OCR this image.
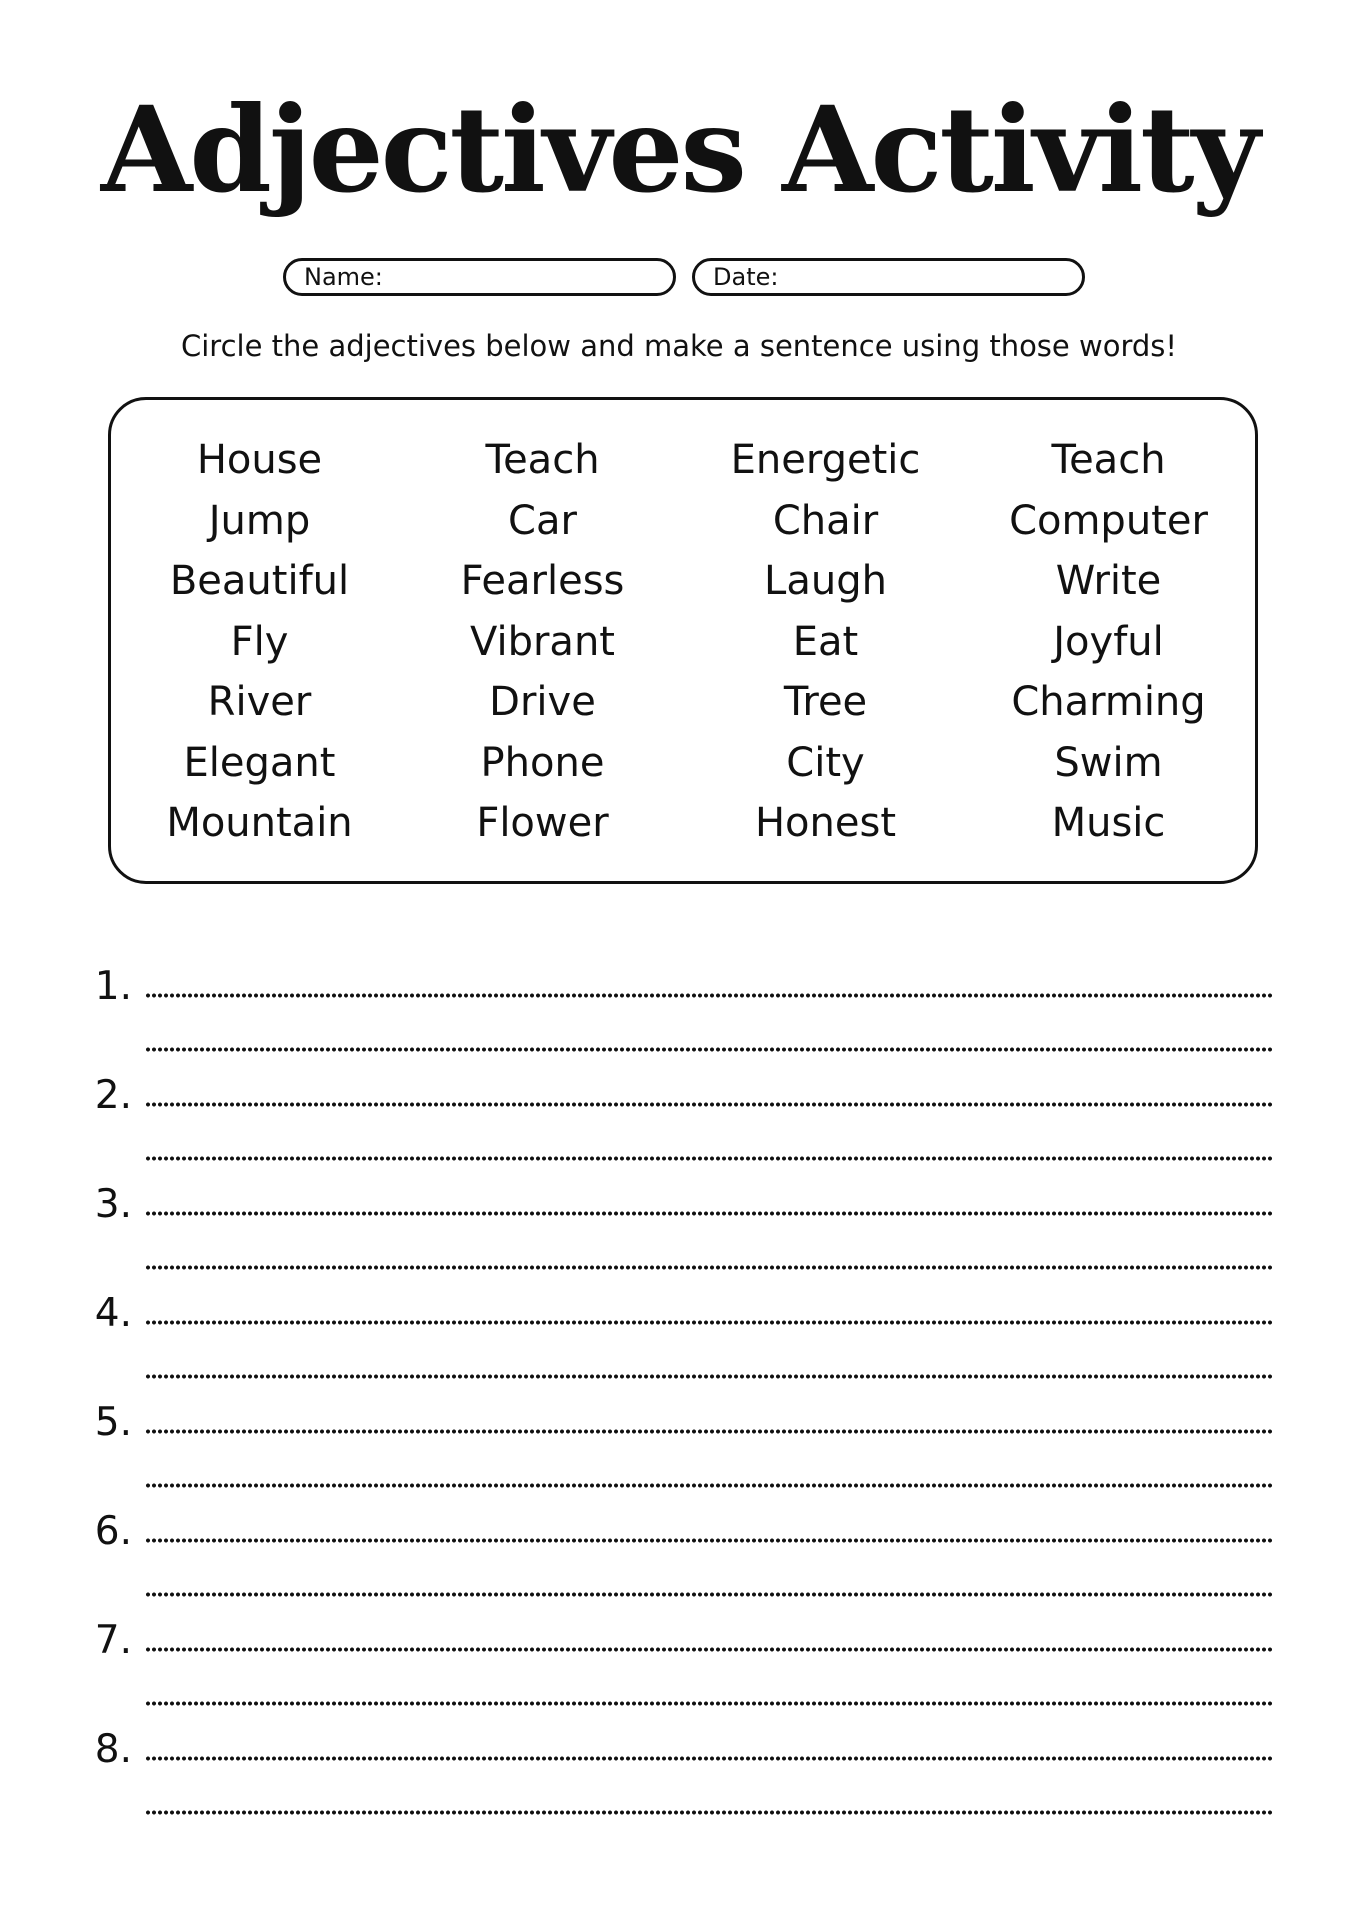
Adjectives Activity
Name:	Date:
Circle the adjectives below and make a sentence using those words!
House
Jump
Beautiful
Fly
River
Elegant
Mountain
Teach
Car
Fearless
Vibrant
Drive
Phone
Flower
Energetic
Chair
Laugh
Eat
Tree
City
Honest
Teach
Computer
Write
Joyful
Charming
Swim
Music
1.
2.
3.
4.
5.
6.
7.
8.
